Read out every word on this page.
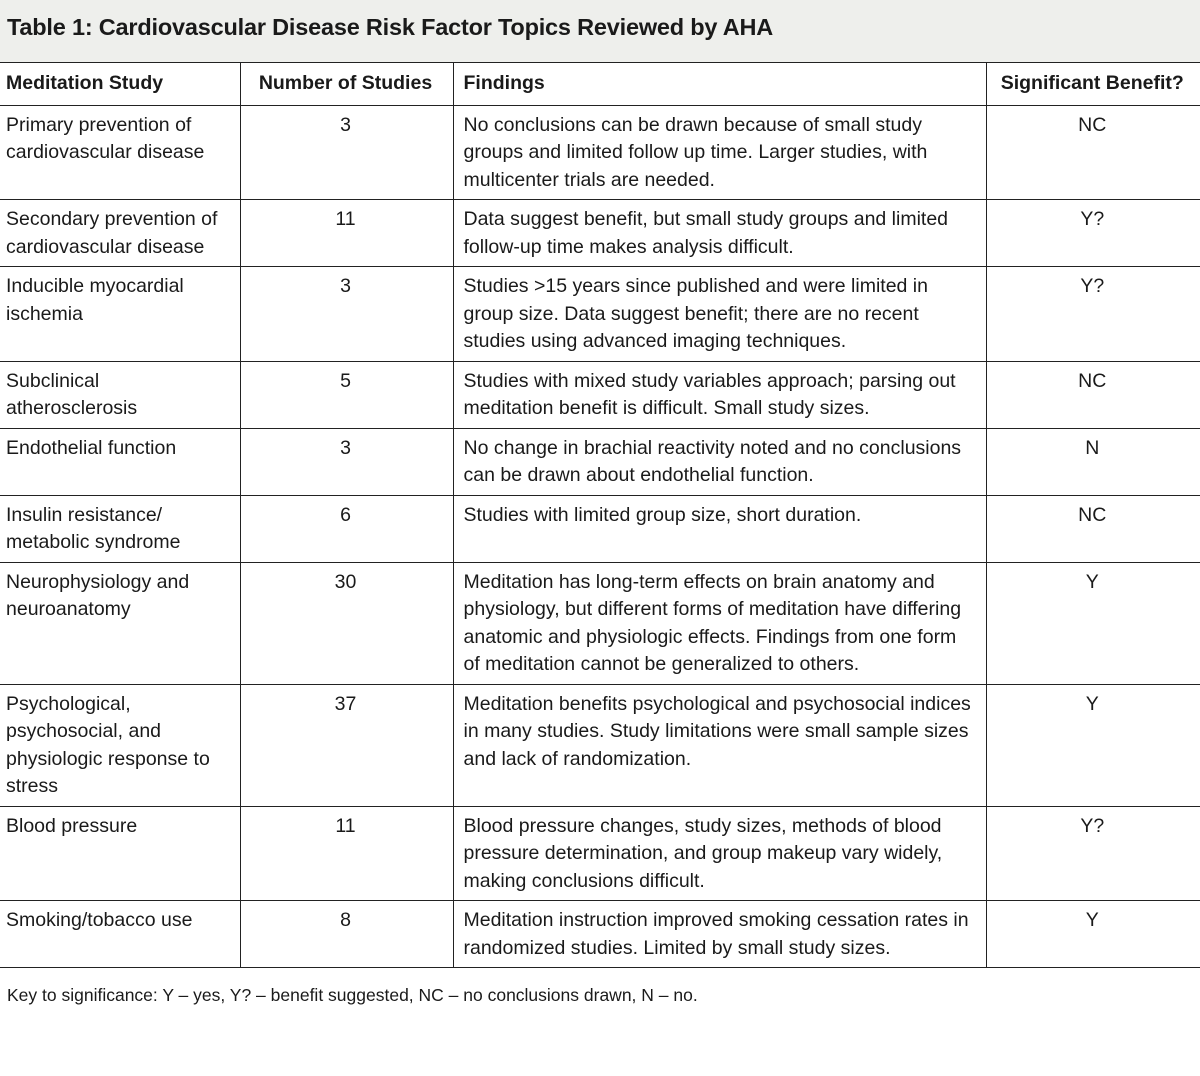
Table 1: Cardiovascular Disease Risk Factor Topics Reviewed by AHA
Meditation Study	Number of Studies	Findings	Significant Benefit?
Primary prevention of cardiovascular disease	3	No conclusions can be drawn because of small study groups and limited follow up time. Larger studies, with multicenter trials are needed.	NC
Secondary prevention of cardiovascular disease	11	Data suggest benefit, but small study groups and limited follow-up time makes analysis difficult.	Y?
Inducible myocardial ischemia	3	Studies >15 years since published and were limited in group size. Data suggest benefit; there are no recent studies using advanced imaging techniques.	Y?
Subclinical atherosclerosis	5	Studies with mixed study variables approach; parsing out meditation benefit is difficult. Small study sizes.	NC
Endothelial function	3	No change in brachial reactivity noted and no conclusions can be drawn about endothelial function.	N
Insulin resistance/ metabolic syndrome	6	Studies with limited group size, short duration.	NC
Neurophysiology and neuroanatomy	30	Meditation has long-term effects on brain anatomy and physiology, but different forms of meditation have differing anatomic and physiologic effects. Findings from one form of meditation cannot be generalized to others.	Y
Psychological, psychosocial, and physiologic response to stress	37	Meditation benefits psychological and psychosocial indices in many studies. Study limitations were small sample sizes and lack of randomization.	Y
Blood pressure	11	Blood pressure changes, study sizes, methods of blood pressure determination, and group makeup vary widely, making conclusions difficult.	Y?
Smoking/tobacco use	8	Meditation instruction improved smoking cessation rates in randomized studies. Limited by small study sizes.	Y
Key to significance: Y – yes, Y? – benefit suggested, NC – no conclusions drawn, N – no.
